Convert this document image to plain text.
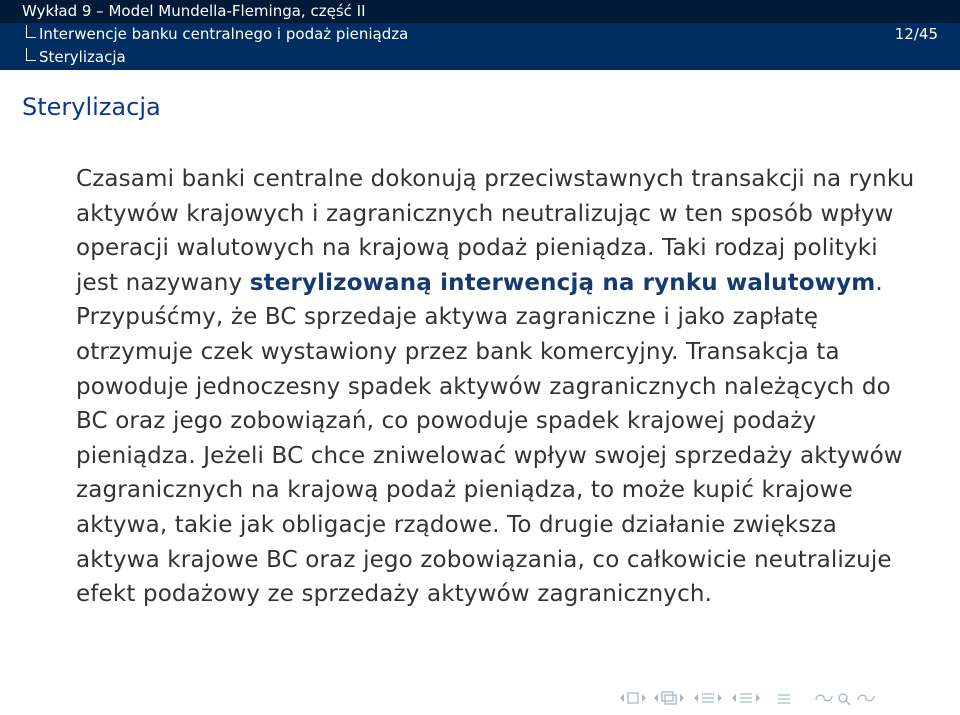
Wykład 9 – Model Mundella-Fleminga, część II
Interwencje banku centralnego i podaż pieniądza	12/45
Sterylizacja
Sterylizacja

Czasami banki centralne dokonują przeciwstawnych transakcji na rynku aktywów krajowych i zagranicznych neutralizując w ten sposób wpływ operacji walutowych na krajową podaż pieniądza. Taki rodzaj polityki jest nazywany sterylizowaną interwencją na rynku walutowym.

Przypuśćmy, że BC sprzedaje aktywa zagraniczne i jako zapłatę otrzymuje czek wystawiony przez bank komercyjny. Transakcja ta powoduje jednoczesny spadek aktywów zagranicznych należących do BC oraz jego zobowiązań, co powoduje spadek krajowej podaży pieniądza. Jeżeli BC chce zniwelować wpływ swojej sprzedaży aktywów zagranicznych na krajową podaż pieniądza, to może kupić krajowe aktywa, takie jak obligacje rządowe. To drugie działanie zwiększa aktywa krajowe BC oraz jego zobowiązania, co całkowicie neutralizuje efekt podażowy ze sprzedaży aktywów zagranicznych.
